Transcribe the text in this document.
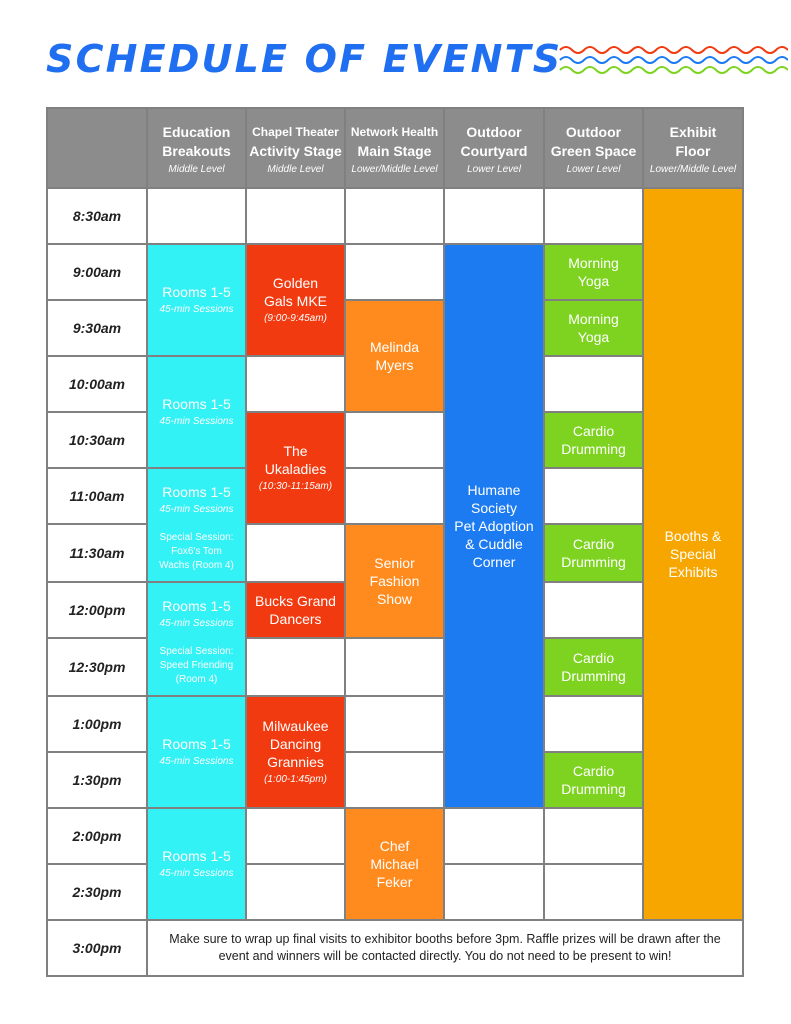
SCHEDULE OF EVENTS
Education
Breakouts
Middle Level
Chapel Theater
Activity Stage
Middle Level
Network Health
Main Stage
Lower/Middle Level
Outdoor
Courtyard
Lower Level
Outdoor
Green Space
Lower Level
Exhibit
Floor
Lower/Middle Level
8:30am
9:00am
9:30am
10:00am
10:30am
11:00am
11:30am
12:00pm
12:30pm
1:00pm
1:30pm
2:00pm
2:30pm
3:00pm
Rooms 1-5
45-min Sessions
Rooms 1-5
45-min Sessions
Rooms 1-5
45-min Sessions
Special Session:
Fox6's Tom
Wachs (Room 4)
Rooms 1-5
45-min Sessions
Special Session:
Speed Friending
(Room 4)
Rooms 1-5
45-min Sessions
Rooms 1-5
45-min Sessions
Golden
Gals MKE
(9:00-9:45am)
The
Ukaladies
(10:30-11:15am)
Bucks Grand
Dancers
Milwaukee
Dancing
Grannies
(1:00-1:45pm)
Melinda
Myers
Senior
Fashion
Show
Chef
Michael
Feker
Humane
Society
Pet Adoption
& Cuddle
Corner
Morning
Yoga
Morning
Yoga
Cardio
Drumming
Cardio
Drumming
Cardio
Drumming
Cardio
Drumming
Booths &
Special
Exhibits
Make sure to wrap up final visits to exhibitor booths before 3pm. Raffle prizes will be drawn after the event and winners will be contacted directly. You do not need to be present to win!
